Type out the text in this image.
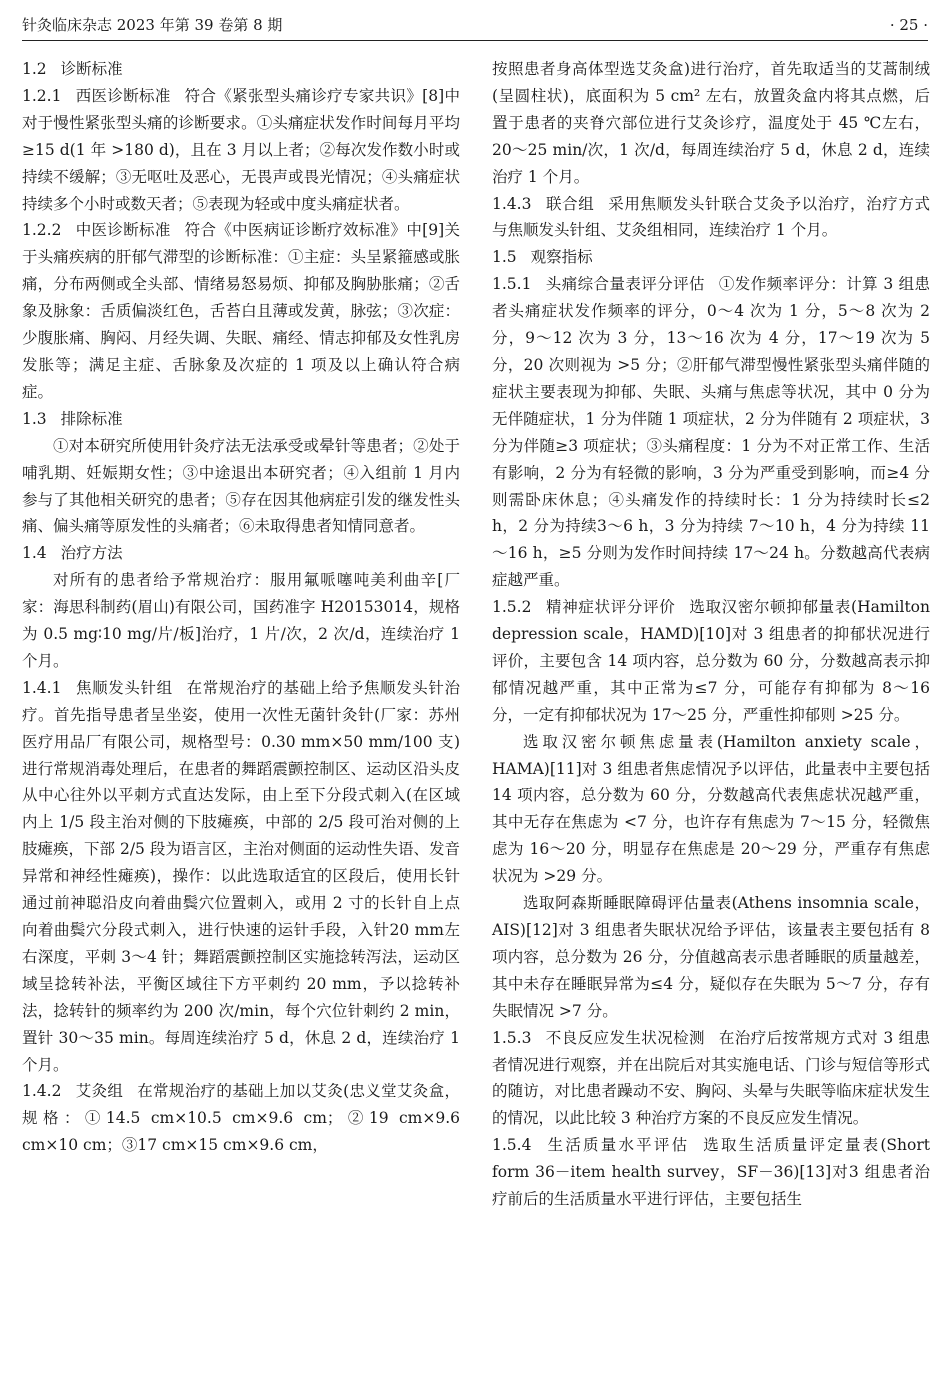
针灸临床杂志 2023 年第 39 卷第 8 期	· 25 ·

1.2 诊断标准

1.2.1 西医诊断标准 符合《紧张型头痛诊疗专家共识》[8]中对于慢性紧张型头痛的诊断要求。①头痛症状发作时间每月平均≥15 d(1 年 >180 d)，且在 3 月以上者；②每次发作数小时或持续不缓解；③无呕吐及恶心，无畏声或畏光情况；④头痛症状持续多个小时或数天者；⑤表现为轻或中度头痛症状者。

1.2.2 中医诊断标准 符合《中医病证诊断疗效标准》中[9]关于头痛疾病的肝郁气滞型的诊断标准：①主症：头呈紧箍感或胀痛，分布两侧或全头部、情绪易怒易烦、抑郁及胸胁胀痛；②舌象及脉象：舌质偏淡红色，舌苔白且薄或发黄，脉弦；③次症：少腹胀痛、胸闷、月经失调、失眠、痛经、情志抑郁及女性乳房发胀等；满足主症、舌脉象及次症的 1 项及以上确认符合病症。

1.3 排除标准

①对本研究所使用针灸疗法无法承受或晕针等患者；②处于哺乳期、妊娠期女性；③中途退出本研究者；④入组前 1 月内参与了其他相关研究的患者；⑤存在因其他病症引发的继发性头痛、偏头痛等原发性的头痛者；⑥未取得患者知情同意者。

1.4 治疗方法

对所有的患者给予常规治疗：服用氟哌噻吨美利曲辛[厂家：海思科制药(眉山)有限公司，国药准字 H20153014，规格为 0.5 mg∶10 mg/片/板]治疗，1 片/次，2 次/d，连续治疗 1 个月。

1.4.1 焦顺发头针组 在常规治疗的基础上给予焦顺发头针治疗。首先指导患者呈坐姿，使用一次性无菌针灸针(厂家：苏州医疗用品厂有限公司，规格型号：0.30 mm×50 mm/100 支)进行常规消毒处理后，在患者的舞蹈震颤控制区、运动区沿头皮从中心往外以平刺方式直达发际，由上至下分段式刺入(在区域内上 1/5 段主治对侧的下肢瘫痪，中部的 2/5 段可治对侧的上肢瘫痪，下部 2/5 段为语言区，主治对侧面的运动性失语、发音异常和神经性瘫痪)，操作：以此选取适宜的区段后，使用长针通过前神聪沿皮向着曲鬓穴位置刺入，或用 2 寸的长针自上点向着曲鬓穴分段式刺入，进行快速的运针手段，入针20 mm左右深度，平刺 3～4 针；舞蹈震颤控制区实施捻转泻法，运动区域呈捻转补法，平衡区域往下方平刺约 20 mm，予以捻转补法，捻转针的频率约为 200 次/min，每个穴位针刺约 2 min，置针 30～35 min。每周连续治疗 5 d，休息 2 d，连续治疗 1 个月。

1.4.2 艾灸组 在常规治疗的基础上加以艾灸(忠义堂艾灸盒，规格：①14.5 cm×10.5 cm×9.6 cm；②19 cm×9.6 cm×10 cm；③17 cm×15 cm×9.6 cm，

按照患者身高体型选艾灸盒)进行治疗，首先取适当的艾蒿制绒(呈圆柱状)，底面积为 5 cm² 左右，放置灸盒内将其点燃，后置于患者的夹脊穴部位进行艾灸诊疗，温度处于 45 ℃左右，20～25 min/次，1 次/d，每周连续治疗 5 d，休息 2 d，连续治疗 1 个月。

1.4.3 联合组 采用焦顺发头针联合艾灸予以治疗，治疗方式与焦顺发头针组、艾灸组相同，连续治疗 1 个月。

1.5 观察指标

1.5.1 头痛综合量表评分评估 ①发作频率评分：计算 3 组患者头痛症状发作频率的评分，0～4 次为 1 分，5～8 次为 2 分，9～12 次为 3 分，13～16 次为 4 分，17～19 次为 5 分，20 次则视为 >5 分；②肝郁气滞型慢性紧张型头痛伴随的症状主要表现为抑郁、失眠、头痛与焦虑等状况，其中 0 分为无伴随症状，1 分为伴随 1 项症状，2 分为伴随有 2 项症状，3 分为伴随≥3 项症状；③头痛程度：1 分为不对正常工作、生活有影响，2 分为有轻微的影响，3 分为严重受到影响，而≥4 分则需卧床休息；④头痛发作的持续时长：1 分为持续时长≤2 h，2 分为持续3～6 h，3 分为持续 7～10 h，4 分为持续 11～16 h，≥5 分则为发作时间持续 17～24 h。分数越高代表病症越严重。

1.5.2 精神症状评分评价 选取汉密尔顿抑郁量表(Hamilton depression scale，HAMD)[10]对 3 组患者的抑郁状况进行评价，主要包含 14 项内容，总分数为 60 分，分数越高表示抑郁情况越严重，其中正常为≤7 分，可能存有抑郁为 8～16 分，一定有抑郁状况为 17～25 分，严重性抑郁则 >25 分。

选取汉密尔顿焦虑量表(Hamilton anxiety scale，HAMA)[11]对 3 组患者焦虑情况予以评估，此量表中主要包括 14 项内容，总分数为 60 分，分数越高代表焦虑状况越严重，其中无存在焦虑为 <7 分，也许存有焦虑为 7～15 分，轻微焦虑为 16～20 分，明显存在焦虑是 20～29 分，严重存有焦虑状况为 >29 分。

选取阿森斯睡眠障碍评估量表(Athens insomnia scale，AIS)[12]对 3 组患者失眠状况给予评估，该量表主要包括有 8 项内容，总分数为 26 分，分值越高表示患者睡眠的质量越差，其中未存在睡眠异常为≤4 分，疑似存在失眠为 5～7 分，存有失眠情况 >7 分。

1.5.3 不良反应发生状况检测 在治疗后按常规方式对 3 组患者情况进行观察，并在出院后对其实施电话、门诊与短信等形式的随访，对比患者躁动不安、胸闷、头晕与失眠等临床症状发生的情况，以此比较 3 种治疗方案的不良反应发生情况。

1.5.4 生活质量水平评估 选取生活质量评定量表(Short form 36－item health survey，SF－36)[13]对3 组患者治疗前后的生活质量水平进行评估，主要包括生
